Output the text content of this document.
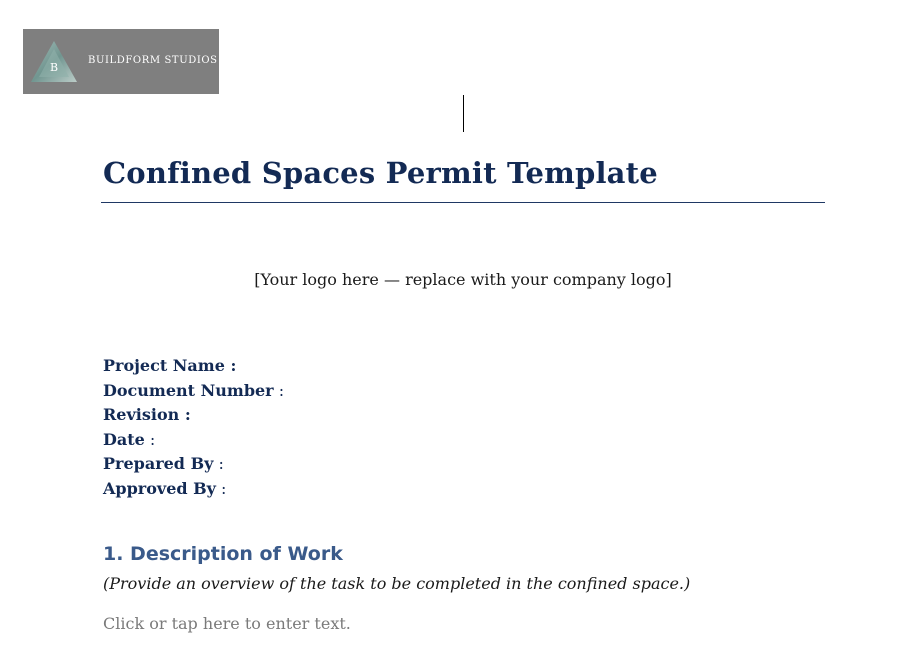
B
BUILDFORM STUDIOS
Confined Spaces Permit Template
[Your logo here — replace with your company logo]
Project Name :
Document Number :
Revision :
Date :
Prepared By :
Approved By :
1. Description of Work
(Provide an overview of the task to be completed in the confined space.)
Click or tap here to enter text.
